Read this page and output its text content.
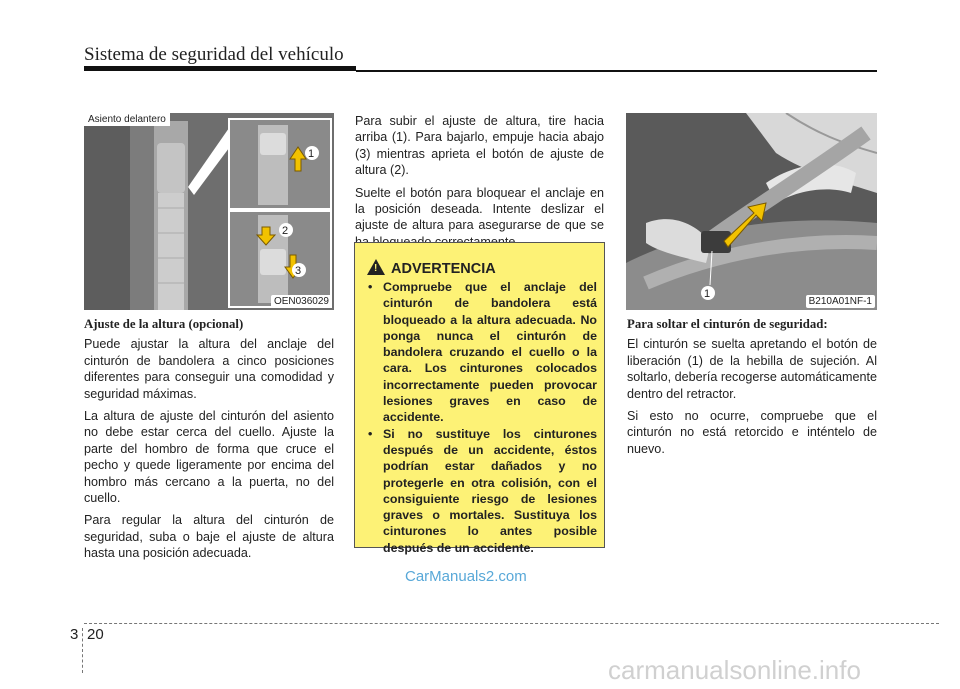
Sistema de seguridad del vehículo
1
2
3
Asiento delantero
OEN036029
Ajuste de la altura (opcional)

Puede ajustar la altura del anclaje del cinturón de bandolera a cinco posiciones diferentes para conseguir una comodidad y seguridad máximas.

La altura de ajuste del cinturón del asiento no debe estar cerca del cuello. Ajuste la parte del hombro de forma que cruce el pecho y quede ligeramente por encima del hombro más cercano a la puerta, no del cuello.

Para regular la altura del cinturón de seguridad, suba o baje el ajuste de altura hasta una posición adecuada.

Para subir el ajuste de altura, tire hacia arriba (1). Para bajarlo, empuje hacia abajo (3) mientras aprieta el botón de ajuste de altura (2).

Suelte el botón para bloquear el anclaje en la posición deseada. Intente deslizar el ajuste de altura para asegurarse de que se

! ADVERTENCIA
• Compruebe que el anclaje del cinturón de bandolera está bloqueado a la altura adecuada. No ponga nunca el cinturón de bandolera cruzando el cuello o la cara. Los cinturones colocados incorrectamente pueden provocar lesiones graves en caso de accidente.
• Si no sustituye los cinturones después de un accidente, éstos podrían estar dañados y no protegerle en otra colisión, con el consiguiente riesgo de lesiones graves o mortales. Sustituya los cinturones lo antes posible después de un accidente.
1
B210A01NF-1
Para soltar el cinturón de seguridad:

El cinturón se suelta apretando el botón de liberación (1) de la hebilla de sujeción. Al soltarlo, debería recogerse automáticamente dentro del retractor.

Si esto no ocurre, compruebe que el cinturón no está retorcido e inténtelo de nuevo.

CarManuals2.com
3 20
carmanualsonline.info
